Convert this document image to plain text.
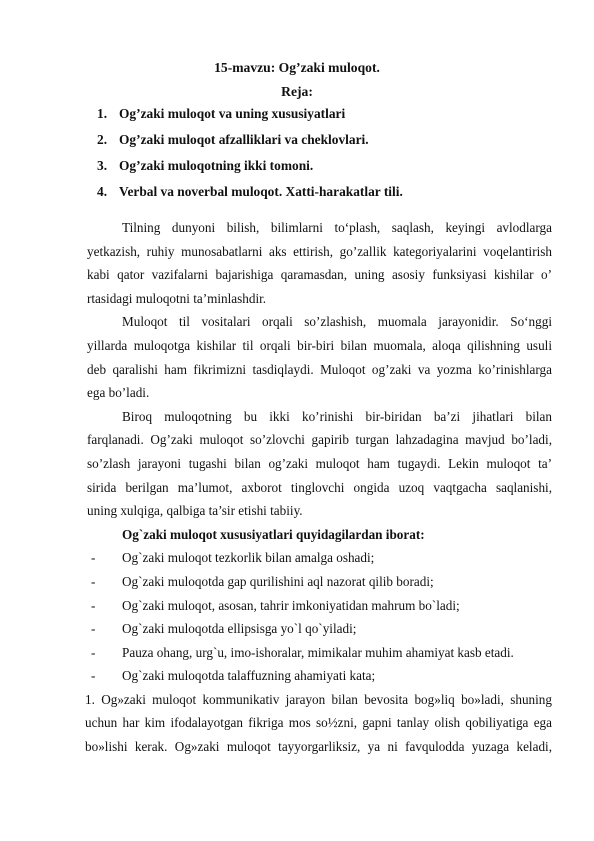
15-mavzu: Og’zaki muloqot.
Reja:
1. Og’zaki muloqot va uning xususiyatlari
2. Og’zaki muloqot afzalliklari va cheklovlari.
3. Og’zaki muloqotning ikki tomoni.
4. Verbal va noverbal muloqot. Xatti-harakatlar tili.

Tilning dunyoni bilish, bilimlarni to‘plash, saqlash, keyingi avlodlarga
yetkazish, ruhiy munosabatlarni aks ettirish, go’zallik kategoriyalarini voqelantirish
kabi qator vazifalarni bajarishiga qaramasdan, uning asosiy funksiyasi kishilar o’
rtasidagi muloqotni ta’minlashdir.

Muloqot til vositalari orqali so’zlashish, muomala jarayonidir. So‘nggi
yillarda muloqotga kishilar til orqali bir-biri bilan muomala, aloqa qilishning usuli
deb qaralishi ham fikrimizni tasdiqlaydi. Muloqot og’zaki va yozma ko’rinishlarga
ega bo’ladi.

Biroq muloqotning bu ikki ko’rinishi bir-biridan ba’zi jihatlari bilan
farqlanadi. Og’zaki muloqot so’zlovchi gapirib turgan lahzadagina mavjud bo’ladi,
so’zlash jarayoni tugashi bilan og’zaki muloqot ham tugaydi. Lekin muloqot ta’
sirida berilgan ma’lumot, axborot tinglovchi ongida uzoq vaqtgacha saqlanishi,
uning xulqiga, qalbiga ta’sir etishi tabiiy.

Og`zaki muloqot xususiyatlari quyidagilardan iborat:

-	Og`zaki muloqot tezkorlik bilan amalga oshadi;
-	Og`zaki muloqotda gap qurilishini aql nazorat qilib boradi;
-	Og`zaki muloqot, asosan, tahrir imkoniyatidan mahrum bo`ladi;
-	Og`zaki muloqotda ellipsisga yo`l qo`yiladi;
-	Pauza ohang, urg`u, imo-ishoralar, mimikalar muhim ahamiyat kasb etadi.
-	Og`zaki muloqotda talaffuzning ahamiyati kata;

1. Og»zaki muloqot kommunikativ jarayon bilan bevosita bog»liq bo»ladi, shuning
uchun har kim ifodalayotgan fikriga mos so½zni, gapni tanlay olish qobiliyatiga ega
bo»lishi kerak. Og»zaki muloqot tayyorgarliksiz, ya ni favqulodda yuzaga keladi,
